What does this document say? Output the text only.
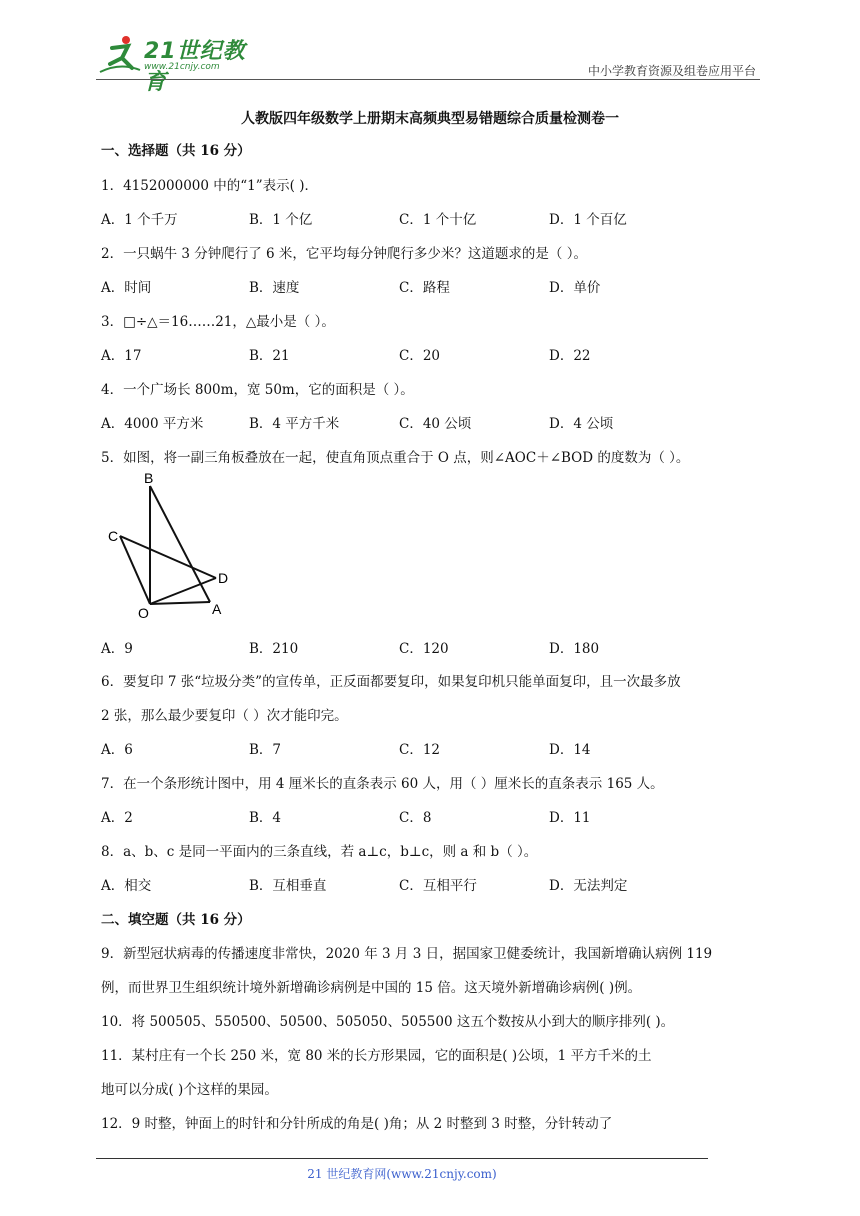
21世纪教育
www.21cnjy.com	中小学教育资源及组卷应用平台
人教版四年级数学上册期末高频典型易错题综合质量检测卷一
一、选择题（共 16 分）
1．4152000000 中的“1”表示( )．
A．1 个千万	B．1 个亿	C．1 个十亿	D．1 个百亿
2．一只蜗牛 3 分钟爬行了 6 米，它平均每分钟爬行多少米？这道题求的是（ ）。
A．时间	B．速度	C．路程	D．单价
3．□÷△＝16……21，△最小是（ ）。
A．17	B．21	C．20	D．22
4．一个广场长 800m，宽 50m，它的面积是（ ）。
A．4000 平方米	B．4 平方千米	C．40 公顷	D．4 公顷
5．如图，将一副三角板叠放在一起，使直角顶点重合于 O 点，则∠AOC＋∠BOD 的度数为（ ）。
B
C
D
O	A
A．9	B．210	C．120	D．180
6．要复印 7 张“垃圾分类”的宣传单，正反面都要复印，如果复印机只能单面复印，且一次最多放
2 张，那么最少要复印（ ）次才能印完。
A．6	B．7	C．12	D．14
7．在一个条形统计图中，用 4 厘米长的直条表示 60 人，用（ ）厘米长的直条表示 165 人。
A．2	B．4	C．8	D．11
8．a、b、c 是同一平面内的三条直线，若 a⊥c，b⊥c，则 a 和 b（ ）。
A．相交	B．互相垂直	C．互相平行	D．无法判定
二、填空题（共 16 分）
9．新型冠状病毒的传播速度非常快，2020 年 3 月 3 日，据国家卫健委统计，我国新增确认病例 119
例，而世界卫生组织统计境外新增确诊病例是中国的 15 倍。这天境外新增确诊病例( )例。
10．将 500505、550500、50500、505050、505500 这五个数按从小到大的顺序排列( )。
11．某村庄有一个长 250 米，宽 80 米的长方形果园，它的面积是( )公顷，1 平方千米的土
地可以分成( )个这样的果园。
12．9 时整，钟面上的时针和分针所成的角是( )角；从 2 时整到 3 时整，分针转动了
21 世纪教育网(www.21cnjy.com)
